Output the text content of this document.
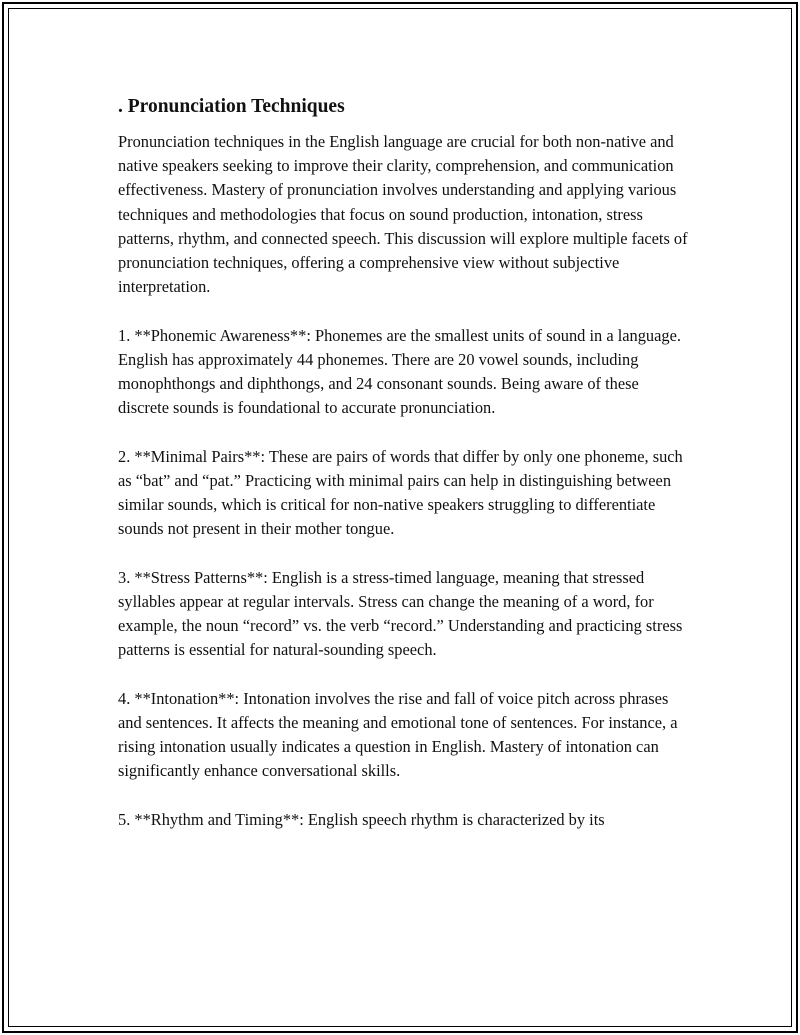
. Pronunciation Techniques

Pronunciation techniques in the English language are crucial for both non-native and native speakers seeking to improve their clarity, comprehension, and communication effectiveness. Mastery of pronunciation involves understanding and applying various techniques and methodologies that focus on sound production, intonation, stress patterns, rhythm, and connected speech. This discussion will explore multiple facets of pronunciation techniques, offering a comprehensive view without subjective interpretation.

1. **Phonemic Awareness**: Phonemes are the smallest units of sound in a language. English has approximately 44 phonemes. There are 20 vowel sounds, including monophthongs and diphthongs, and 24 consonant sounds. Being aware of these discrete sounds is foundational to accurate pronunciation.

2. **Minimal Pairs**: These are pairs of words that differ by only one phoneme, such as “bat” and “pat.” Practicing with minimal pairs can help in distinguishing between similar sounds, which is critical for non-native speakers struggling to differentiate sounds not present in their mother tongue.

3. **Stress Patterns**: English is a stress-timed language, meaning that stressed syllables appear at regular intervals. Stress can change the meaning of a word, for example, the noun “record” vs. the verb “record.” Understanding and practicing stress patterns is essential for natural-sounding speech.

4. **Intonation**: Intonation involves the rise and fall of voice pitch across phrases and sentences. It affects the meaning and emotional tone of sentences. For instance, a rising intonation usually indicates a question in English. Mastery of intonation can significantly enhance conversational skills.

5. **Rhythm and Timing**: English speech rhythm is characterized by its
